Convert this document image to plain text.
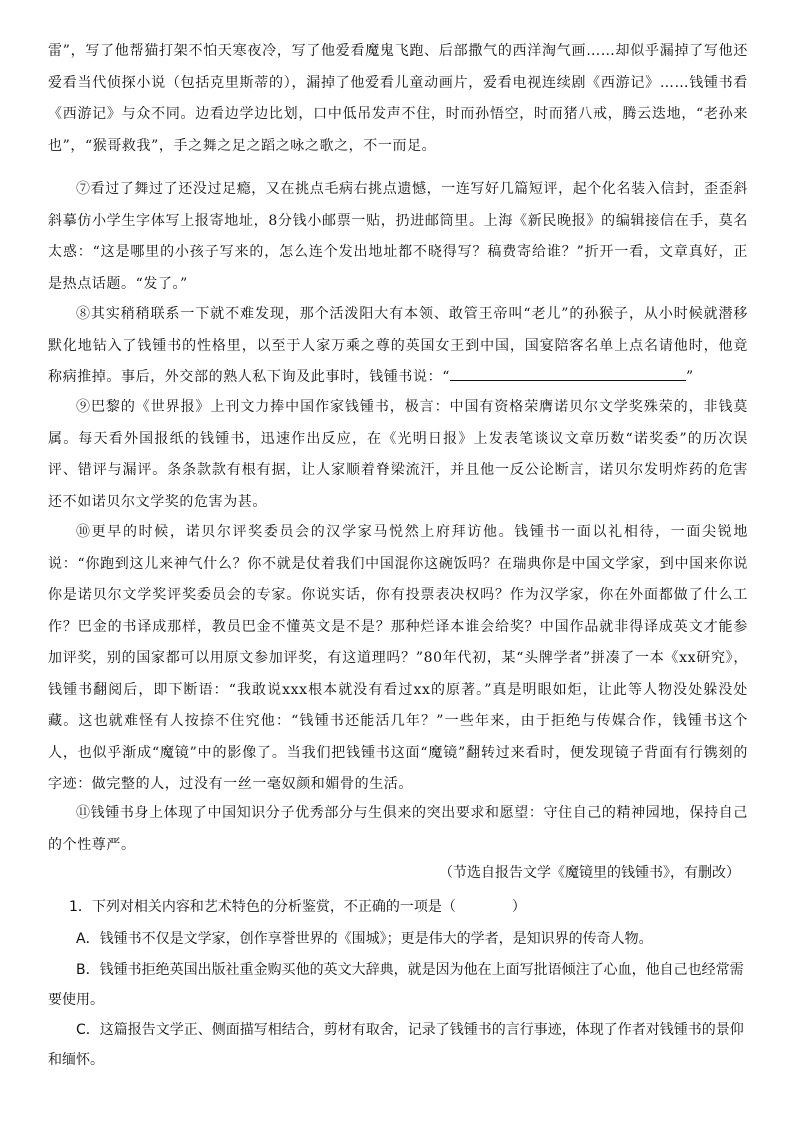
雷”，写了他帮猫打架不怕天寒夜冷，写了他爱看魔鬼飞跑、后部撒气的西洋淘气画……却似乎漏掉了写他还爱看当代侦探小说（包括克里斯蒂的），漏掉了他爱看儿童动画片，爱看电视连续剧《西游记》……钱锺书看《西游记》与众不同。边看边学边比划，口中低吊发声不住，时而孙悟空，时而猪八戒，腾云迭地，“老孙来也”，“猴哥救我”，手之舞之足之蹈之咏之歌之，不一而足。

⑦看过了舞过了还没过足瘾，又在挑点毛病右挑点遗憾，一连写好几篇短评，起个化名装入信封，歪歪斜斜摹仿小学生字体写上报寄地址，8分钱小邮票一贴，扔进邮筒里。上海《新民晚报》的编辑接信在手，莫名太惑：“这是哪里的小孩子写来的，怎么连个发出地址都不晓得写？稿费寄给谁？”折开一看，文章真好，正是热点话题。“发了。”

⑧其实稍稍联系一下就不难发现，那个活泼阳大有本领、敢管王帝叫“老儿”的孙猴子，从小时候就潜移默化地钻入了钱锺书的性格里，以至于人家万乘之尊的英国女王到中国，国宴陪客名单上点名请他时，他竟称病推掉。事后，外交部的熟人私下询及此事时，钱锺书说：“	”

⑨巴黎的《世界报》上刊文力捧中国作家钱锺书，极言：中国有资格荣膺诺贝尔文学奖殊荣的，非钱莫属。每天看外国报纸的钱锺书，迅速作出反应，在《光明日报》上发表笔谈议文章历数“诺奖委”的历次误评、错评与漏评。条条款款有根有据，让人家顺着脊梁流汗，并且他一反公论断言，诺贝尔发明炸药的危害还不如诺贝尔文学奖的危害为甚。

⑩更早的时候，诺贝尔评奖委员会的汉学家马悦然上府拜访他。钱锺书一面以礼相待，一面尖锐地说：“你跑到这儿来神气什么？你不就是仗着我们中国混你这碗饭吗？在瑞典你是中国文学家，到中国来你说你是诺贝尔文学奖评奖委员会的专家。你说实话，你有投票表决权吗？作为汉学家，你在外面都做了什么工作？巴金的书译成那样，教员巴金不懂英文是不是？那种烂译本谁会给奖？中国作品就非得译成英文才能参加评奖，别的国家都可以用原文参加评奖，有这道理吗？”80年代初，某“头牌学者”拼凑了一本《xx研究》，钱锺书翻阅后，即下断语：“我敢说xxx根本就没有看过xx的原著。”真是明眼如炬，让此等人物没处躲没处藏。这也就难怪有人按捺不住究他：“钱锺书还能活几年？”一些年来，由于拒绝与传媒合作，钱锺书这个人，也似乎渐成“魔镜”中的影像了。当我们把钱锺书这面“魔镜”翻转过来看时，便发现镜子背面有行镌刻的字迹：做完整的人，过没有一丝一毫奴颜和媚骨的生活。

⑪钱锺书身上体现了中国知识分子优秀部分与生俱来的突出要求和愿望：守住自己的精神园地，保持自己的个性尊严。

（节选自报告文学《魔镜里的钱锺书》，有删改）

1．下列对相关内容和艺术特色的分析鉴赏，不正确的一项是（　　　　）

A．钱锺书不仅是文学家，创作享誉世界的《围城》；更是伟大的学者，是知识界的传奇人物。

B．钱锺书拒绝英国出版社重金购买他的英文大辞典，就是因为他在上面写批语倾注了心血，他自己也经常需要使用。

C．这篇报告文学正、侧面描写相结合，剪材有取舍，记录了钱锺书的言行事迹，体现了作者对钱锺书的景仰和缅怀。
